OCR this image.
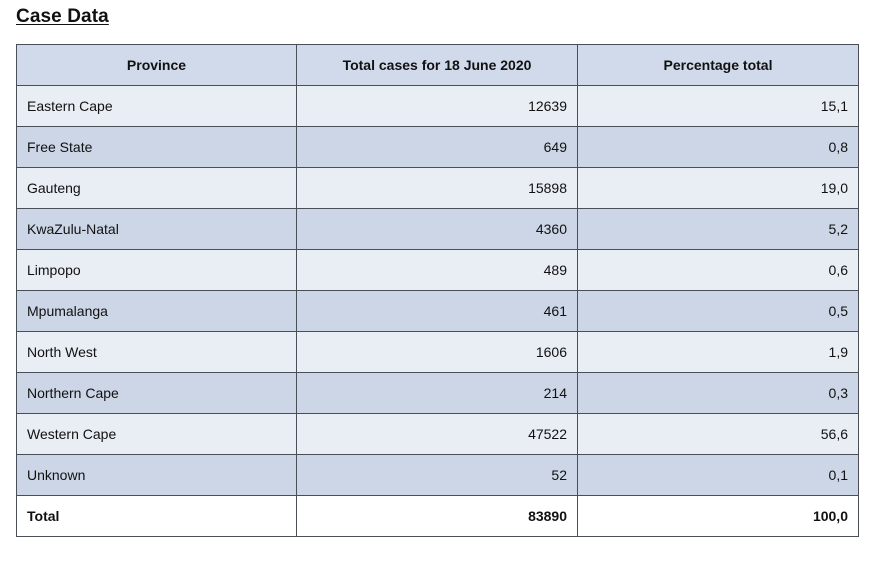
Case Data
Province	Total cases for 18 June 2020	Percentage total
Eastern Cape	12639	15,1
Free State	649	0,8
Gauteng	15898	19,0
KwaZulu-Natal	4360	5,2
Limpopo	489	0,6
Mpumalanga	461	0,5
North West	1606	1,9
Northern Cape	214	0,3
Western Cape	47522	56,6
Unknown	52	0,1
Total	83890	100,0
